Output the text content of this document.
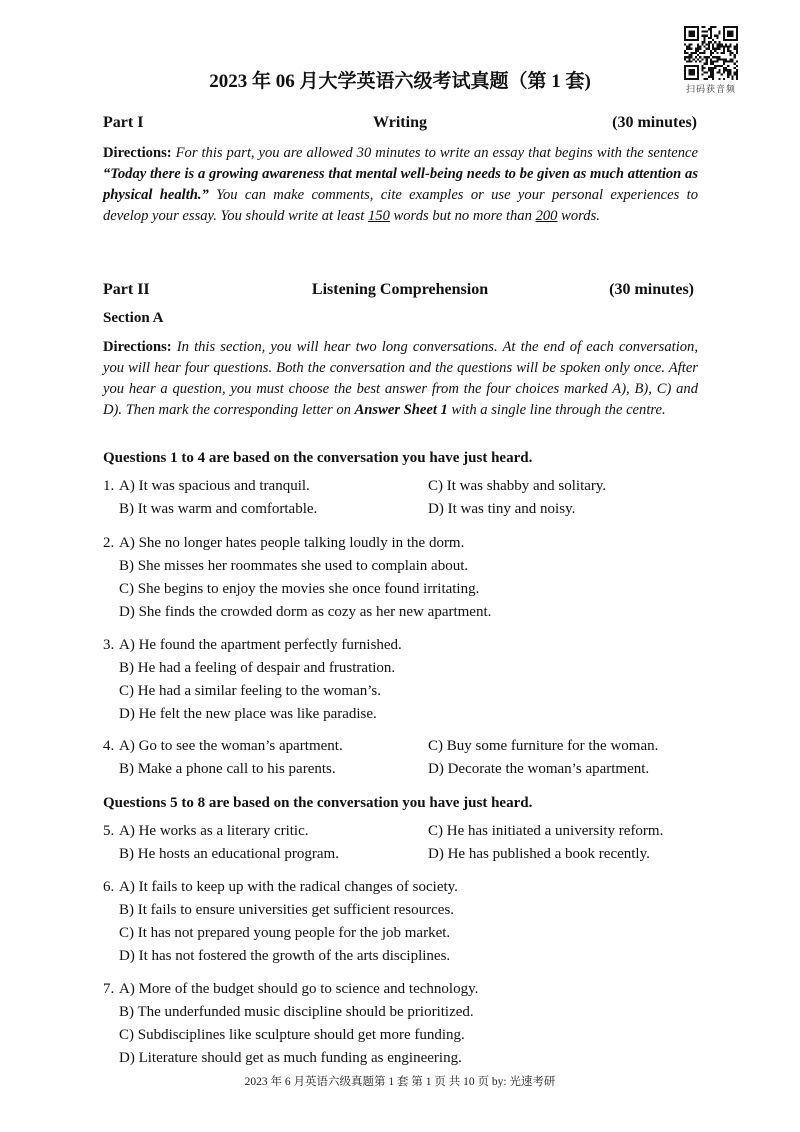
扫码获音频
2023 年 06 月大学英语六级考试真题（第 1 套)
Part I	Writing	(30 minutes)
Directions: For this part, you are allowed 30 minutes to write an essay that begins with the sentence “Today there is a growing awareness that mental well-being needs to be given as much attention as physical health.” You can make comments, cite examples or use your personal experiences to develop your essay. You should write at least 150 words but no more than 200 words.
Part II	Listening Comprehension	(30 minutes)
Section A
Directions: In this section, you will hear two long conversations. At the end of each conversation, you will hear four questions. Both the conversation and the questions will be spoken only once. After you hear a question, you must choose the best answer from the four choices marked A), B), C) and D). Then mark the corresponding letter on Answer Sheet 1 with a single line through the centre.
Questions 1 to 4 are based on the conversation you have just heard.
1. A) It was spacious and tranquil.	C) It was shabby and solitary.
B) It was warm and comfortable.	D) It was tiny and noisy.
2. A) She no longer hates people talking loudly in the dorm.
B) She misses her roommates she used to complain about.
C) She begins to enjoy the movies she once found irritating.
D) She finds the crowded dorm as cozy as her new apartment.
3. A) He found the apartment perfectly furnished.
B) He had a feeling of despair and frustration.
C) He had a similar feeling to the woman’s.
D) He felt the new place was like paradise.
4. A) Go to see the woman’s apartment.	C) Buy some furniture for the woman.
B) Make a phone call to his parents.	D) Decorate the woman’s apartment.
Questions 5 to 8 are based on the conversation you have just heard.
5. A) He works as a literary critic.	C) He has initiated a university reform.
B) He hosts an educational program.	D) He has published a book recently.
6. A) It fails to keep up with the radical changes of society.
B) It fails to ensure universities get sufficient resources.
C) It has not prepared young people for the job market.
D) It has not fostered the growth of the arts disciplines.
7. A) More of the budget should go to science and technology.
B) The underfunded music discipline should be prioritized.
C) Subdisciplines like sculpture should get more funding.
D) Literature should get as much funding as engineering.
2023 年 6 月英语六级真题第 1 套 第 1 页 共 10 页 by: 光速考研
